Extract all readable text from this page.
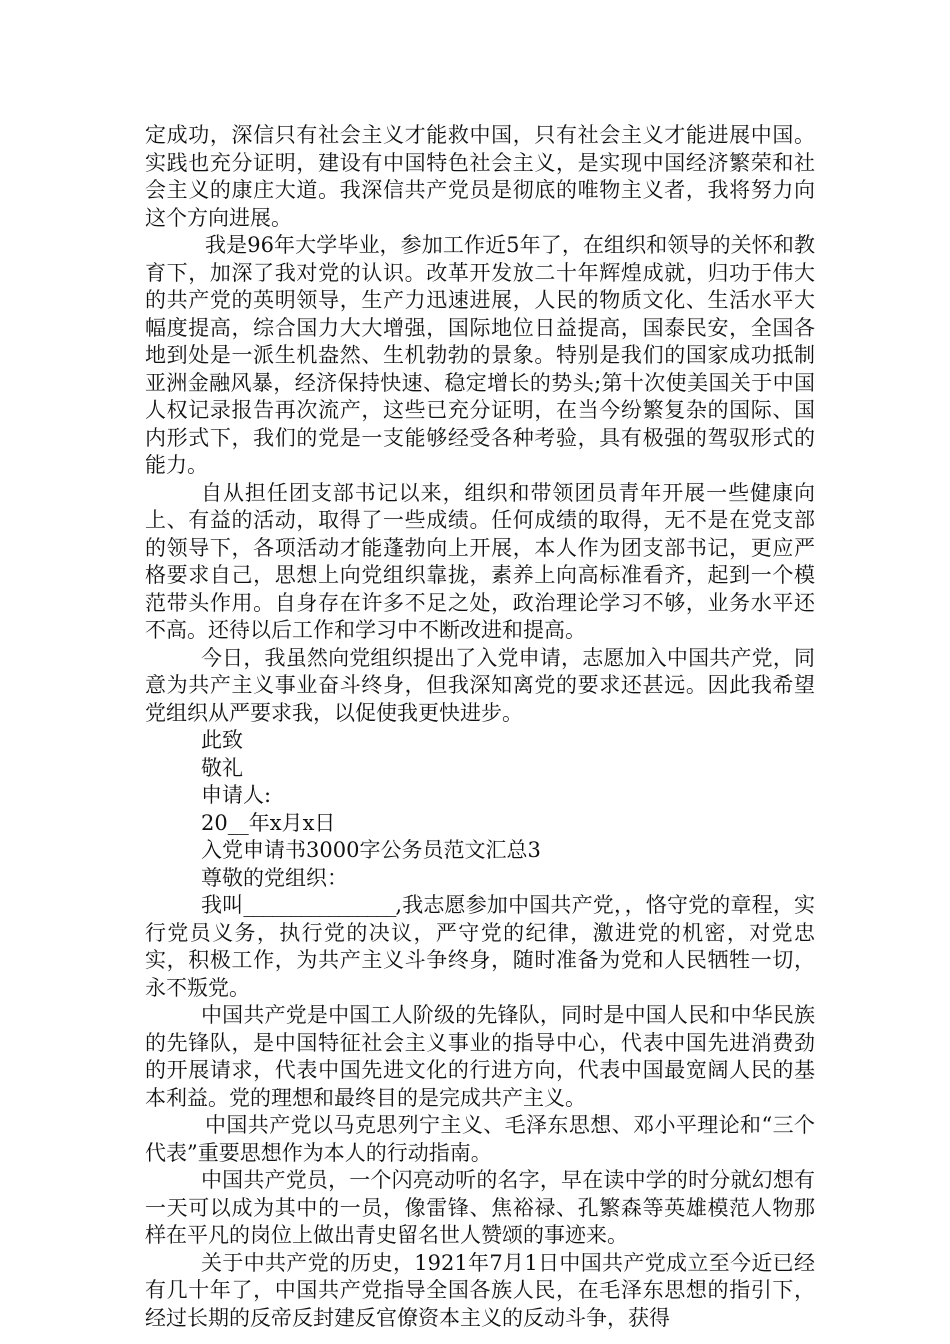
定成功，深信只有社会主义才能救中国，只有社会主义才能进展中国。实践也充分证明，建设有中国特色社会主义，是实现中国经济繁荣和社会主义的康庄大道。我深信共产党员是彻底的唯物主义者，我将努力向这个方向进展。

我是96年大学毕业，参加工作近5年了，在组织和领导的关怀和教育下，加深了我对党的认识。改革开发放二十年辉煌成就，归功于伟大的共产党的英明领导，生产力迅速进展，人民的物质文化、生活水平大幅度提高，综合国力大大增强，国际地位日益提高，国泰民安，全国各地到处是一派生机盎然、生机勃勃的景象。特别是我们的国家成功抵制亚洲金融风暴，经济保持快速、稳定增长的势头;第十次使美国关于中国人权记录报告再次流产，这些已充分证明，在当今纷繁复杂的国际、国内形式下，我们的党是一支能够经受各种考验，具有极强的驾驭形式的能力。

自从担任团支部书记以来，组织和带领团员青年开展一些健康向上、有益的活动，取得了一些成绩。任何成绩的取得，无不是在党支部的领导下，各项活动才能蓬勃向上开展，本人作为团支部书记，更应严格要求自己，思想上向党组织靠拢，素养上向高标准看齐，起到一个模范带头作用。自身存在许多不足之处，政治理论学习不够，业务水平还不高。还待以后工作和学习中不断改进和提高。

今日，我虽然向党组织提出了入党申请，志愿加入中国共产党，同意为共产主义事业奋斗终身，但我深知离党的要求还甚远。因此我希望党组织从严要求我，以促使我更快进步。

此致

敬礼

申请人:

20__年x月x日

入党申请书3000字公务员范文汇总3

尊敬的党组织：

我叫________________,我志愿参加中国共产党，，恪守党的章程，实行党员义务，执行党的决议，严守党的纪律，激进党的机密，对党忠实，积极工作，为共产主义斗争终身，随时准备为党和人民牺牲一切，永不叛党。

中国共产党是中国工人阶级的先锋队，同时是中国人民和中华民族的先锋队，是中国特征社会主义事业的指导中心，代表中国先进消费劲的开展请求，代表中国先进文化的行进方向，代表中国最宽阔人民的基本利益。党的理想和最终目的是完成共产主义。

中国共产党以马克思列宁主义、毛泽东思想、邓小平理论和“三个代表”重要思想作为本人的行动指南。

中国共产党员，一个闪亮动听的名字，早在读中学的时分就幻想有一天可以成为其中的一员，像雷锋、焦裕禄、孔繁森等英雄模范人物那样在平凡的岗位上做出青史留名世人赞颂的事迹来。

关于中共产党的历史，1921年7月1日中国共产党成立至今近已经有几十年了，中国共产党指导全国各族人民，在毛泽东思想的指引下，经过长期的反帝反封建反官僚资本主义的反动斗争，获得
